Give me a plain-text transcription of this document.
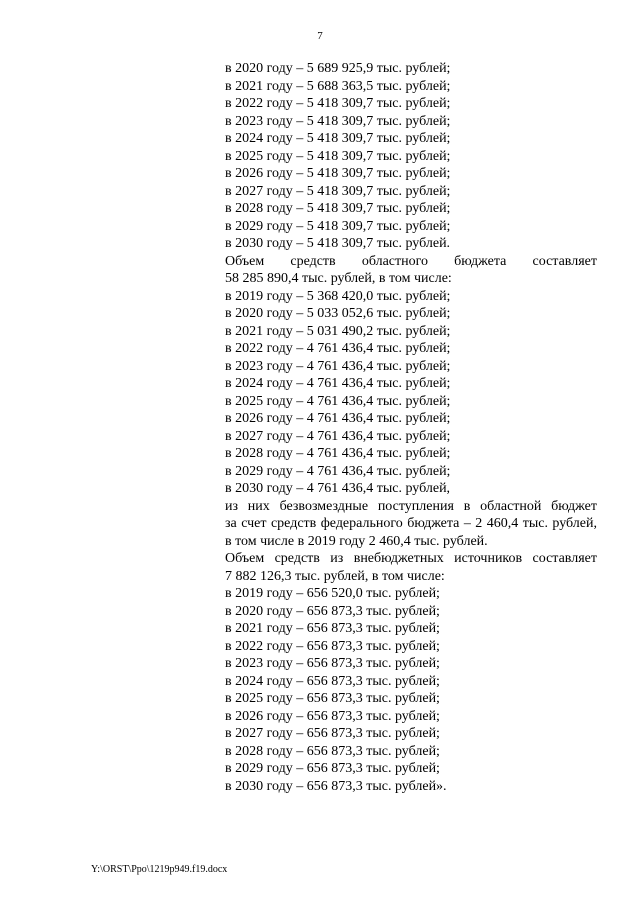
7
в 2020 году – 5 689 925,9 тыс. рублей;
в 2021 году – 5 688 363,5 тыс. рублей;
в 2022 году – 5 418 309,7 тыс. рублей;
в 2023 году – 5 418 309,7 тыс. рублей;
в 2024 году – 5 418 309,7 тыс. рублей;
в 2025 году – 5 418 309,7 тыс. рублей;
в 2026 году – 5 418 309,7 тыс. рублей;
в 2027 году – 5 418 309,7 тыс. рублей;
в 2028 году – 5 418 309,7 тыс. рублей;
в 2029 году – 5 418 309,7 тыс. рублей;
в 2030 году – 5 418 309,7 тыс. рублей.
Объем средств областного бюджета составляет
58 285 890,4 тыс. рублей, в том числе:
в 2019 году – 5 368 420,0 тыс. рублей;
в 2020 году – 5 033 052,6 тыс. рублей;
в 2021 году – 5 031 490,2 тыс. рублей;
в 2022 году – 4 761 436,4 тыс. рублей;
в 2023 году – 4 761 436,4 тыс. рублей;
в 2024 году – 4 761 436,4 тыс. рублей;
в 2025 году – 4 761 436,4 тыс. рублей;
в 2026 году – 4 761 436,4 тыс. рублей;
в 2027 году – 4 761 436,4 тыс. рублей;
в 2028 году – 4 761 436,4 тыс. рублей;
в 2029 году – 4 761 436,4 тыс. рублей;
в 2030 году – 4 761 436,4 тыс. рублей,
из них безвозмездные поступления в областной бюджет
за счет средств федерального бюджета – 2 460,4 тыс. рублей,
в том числе в 2019 году 2 460,4 тыс. рублей.
Объем средств из внебюджетных источников составляет
7 882 126,3 тыс. рублей, в том числе:
в 2019 году – 656 520,0 тыс. рублей;
в 2020 году – 656 873,3 тыс. рублей;
в 2021 году – 656 873,3 тыс. рублей;
в 2022 году – 656 873,3 тыс. рублей;
в 2023 году – 656 873,3 тыс. рублей;
в 2024 году – 656 873,3 тыс. рублей;
в 2025 году – 656 873,3 тыс. рублей;
в 2026 году – 656 873,3 тыс. рублей;
в 2027 году – 656 873,3 тыс. рублей;
в 2028 году – 656 873,3 тыс. рублей;
в 2029 году – 656 873,3 тыс. рублей;
в 2030 году – 656 873,3 тыс. рублей».
Y:\ORST\Ppo\1219p949.f19.docx
